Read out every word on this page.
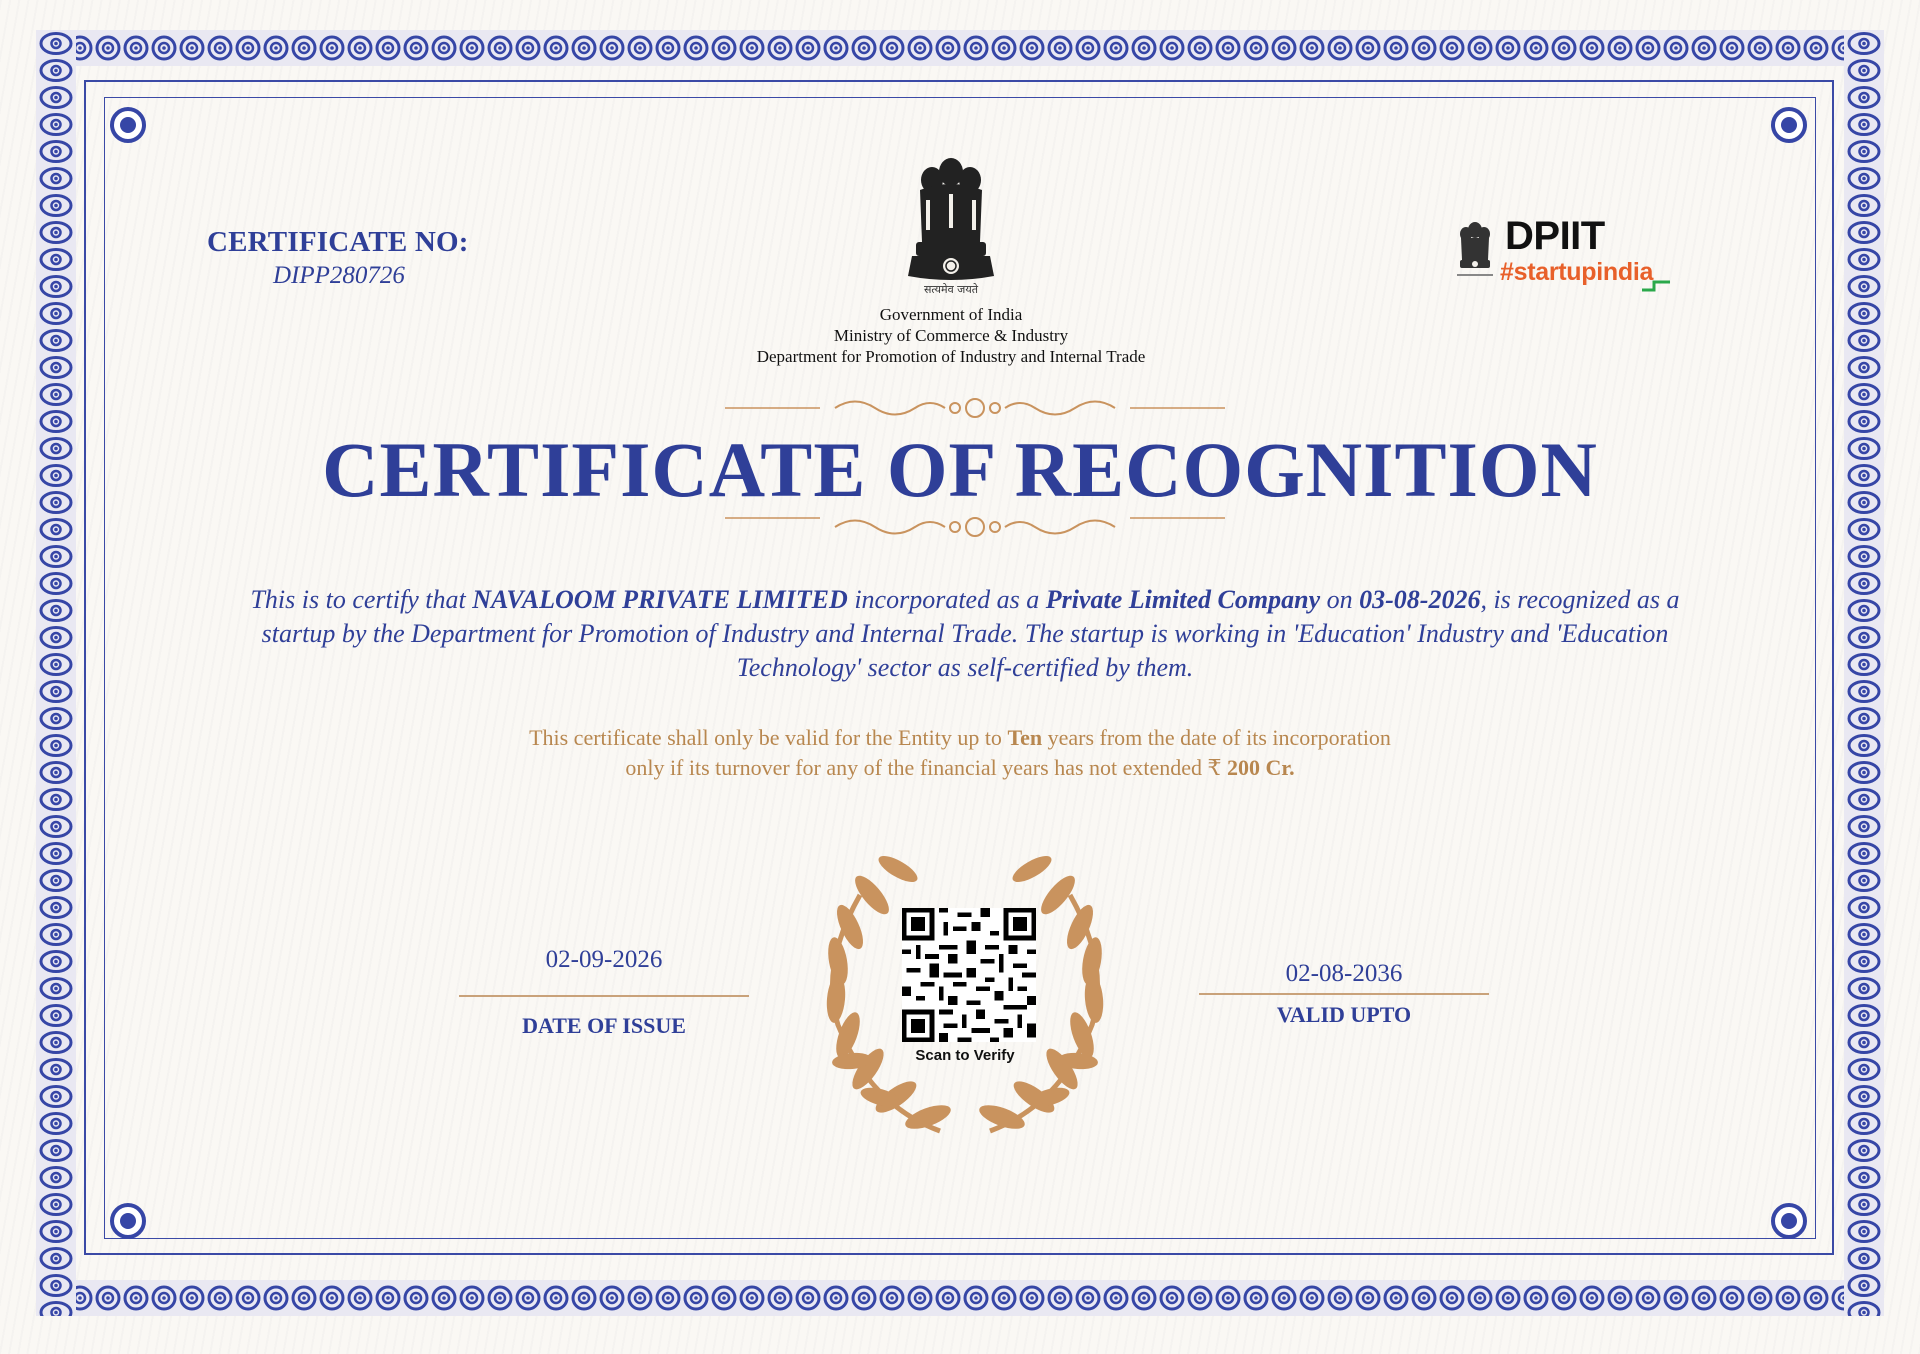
CERTIFICATE NO:
DIPP280726
सत्यमेव जयते
Government of India
Ministry of Commerce & Industry
Department for Promotion of Industry and Internal Trade
DPIIT
#startupindia
CERTIFICATE OF RECOGNITION
This is to certify that NAVALOOM PRIVATE LIMITED incorporated as a Private Limited Company on 03-08-2026, is recognized as a startup by the Department for Promotion of Industry and Internal Trade. The startup is working in 'Education' Industry and 'Education Technology' sector as self-certified by them.
This certificate shall only be valid for the Entity up to Ten years from the date of its incorporation
only if its turnover for any of the financial years has not extended ₹ 200 Cr.
02-09-2026
DATE OF ISSUE
02-08-2036
VALID UPTO
Scan to Verify
